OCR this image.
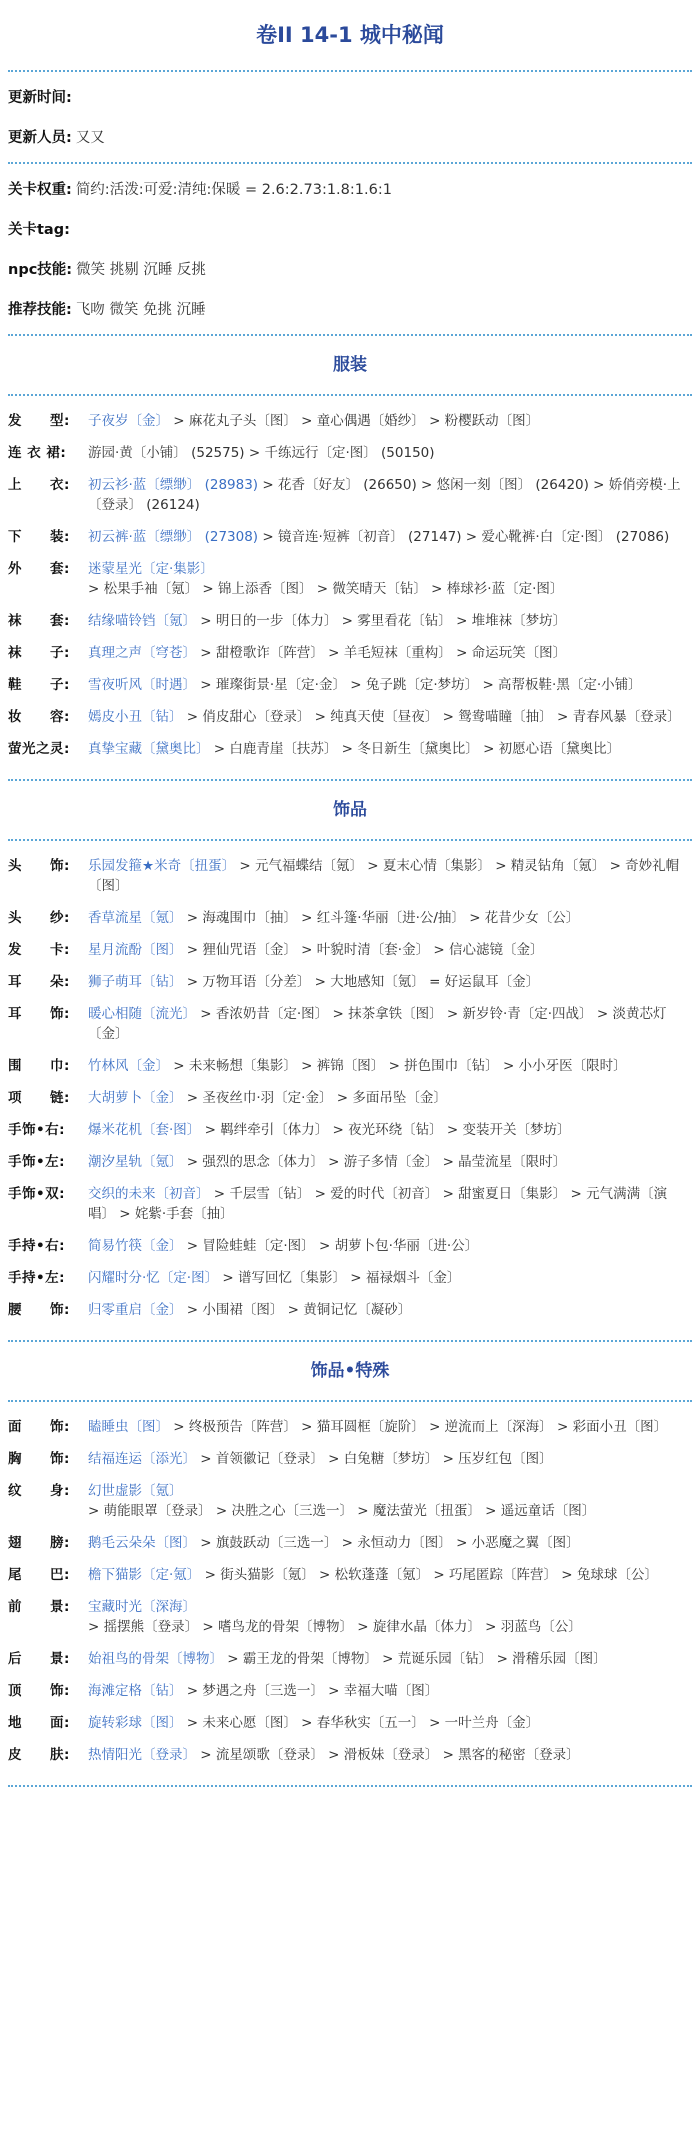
卷II 14-1 城中秘闻
更新时间:
更新人员: 又又
关卡权重: 简约:活泼:可爱:清纯:保暖 = 2.6:2.73:1.8:1.6:1
关卡tag:
npc技能: 微笑 挑剔 沉睡 反挑
推荐技能: 飞吻 微笑 免挑 沉睡
服装
发　　型:	子夜岁〔金〕 > 麻花丸子头〔图〕 > 童心偶遇〔婚纱〕 > 粉樱跃动〔图〕
连 衣 裙:	游园·黄〔小铺〕 (52575) > 千练远行〔定·图〕 (50150)
上　　衣:	初云衫·蓝〔缥缈〕 (28983) > 花香〔好友〕 (26650) > 悠闲一刻〔图〕 (26420) > 娇俏旁模·上〔登录〕 (26124)
下　　装:	初云裤·蓝〔缥缈〕 (27308) > 镜音连·短裤〔初音〕 (27147) > 爱心靴裤·白〔定·图〕 (27086)
外　　套:	迷蒙星光〔定·集影〕 > 松果手袖〔氪〕 > 锦上添香〔图〕 > 微笑晴天〔钻〕 > 棒球衫·蓝〔定·图〕
袜　　套:	结缘喵铃铛〔氪〕 > 明日的一步〔体力〕 > 雾里看花〔钻〕 > 堆堆袜〔梦坊〕
袜　　子:	真理之声〔穹苍〕 > 甜橙歌诈〔阵营〕 > 羊毛短袜〔重构〕 > 命运玩笑〔图〕
鞋　　子:	雪夜听风〔时遇〕 > 璀璨街景·星〔定·金〕 > 兔子跳〔定·梦坊〕 > 高帮板鞋·黑〔定·小铺〕
妆　　容:	嫣皮小丑〔钻〕 > 俏皮甜心〔登录〕 > 纯真天使〔昼夜〕 > 鸳鸯喵瞳〔抽〕 > 青春风暴〔登录〕
萤光之灵:	真挚宝藏〔黛奥比〕 > 白鹿青崖〔扶苏〕 > 冬日新生〔黛奥比〕 > 初愿心语〔黛奥比〕
饰品
头　　饰:	乐园发箍★米奇〔扭蛋〕 > 元气福蝶结〔氪〕 > 夏末心情〔集影〕 > 精灵钻角〔氪〕 > 奇妙礼帽〔图〕
头　　纱:	香草流星〔氪〕 > 海魂围巾〔抽〕 > 红斗篷·华丽〔进·公/抽〕 > 花昔少女〔公〕
发　　卡:	星月流酚〔图〕 > 狸仙咒语〔金〕 > 叶貌时清〔套·金〕 > 信心滤镜〔金〕
耳　　朵:	狮子萌耳〔钻〕 > 万物耳语〔分差〕 > 大地感知〔氪〕 = 好运鼠耳〔金〕
耳　　饰:	暖心相随〔流光〕 > 香浓奶昔〔定·图〕 > 抹茶拿铁〔图〕 > 新岁铃·青〔定·四战〕 > 淡黄芯灯〔金〕
围　　巾:	竹林风〔金〕 > 未来畅想〔集影〕 > 裤锦〔图〕 > 拼色围巾〔钻〕 > 小小牙医〔限时〕
项　　链:	大胡萝卜〔金〕 > 圣夜丝巾·羽〔定·金〕 > 多面吊坠〔金〕
手饰•右:	爆米花机〔套·图〕 > 羁绊牵引〔体力〕 > 夜光环绕〔钻〕 > 变装开关〔梦坊〕
手饰•左:	潮汐星轨〔氪〕 > 强烈的思念〔体力〕 > 游子多情〔金〕 > 晶莹流星〔限时〕
手饰•双:	交织的未来〔初音〕 > 千层雪〔钻〕 > 爱的时代〔初音〕 > 甜蜜夏日〔集影〕 > 元气满满〔演唱〕 > 姹紫·手套〔抽〕
手持•右:	简易竹筷〔金〕 > 冒险蛙蛙〔定·图〕 > 胡萝卜包·华丽〔进·公〕
手持•左:	闪耀时分·忆〔定·图〕 > 谱写回忆〔集影〕 > 福禄烟斗〔金〕
腰　　饰:	归零重启〔金〕 > 小围裙〔图〕 > 黄铜记忆〔凝砂〕
饰品•特殊
面　　饰:	瞌睡虫〔图〕 > 终极预告〔阵营〕 > 猫耳圆框〔旋阶〕 > 逆流而上〔深海〕 > 彩面小丑〔图〕
胸　　饰:	结福连运〔添光〕 > 首领徽记〔登录〕 > 白兔糖〔梦坊〕 > 压岁红包〔图〕
纹　　身:	幻世虚影〔氪〕 > 萌能眼罩〔登录〕 > 决胜之心〔三选一〕 > 魔法萤光〔扭蛋〕 > 遥远童话〔图〕
翅　　膀:	鹅毛云朵朵〔图〕 > 旗鼓跃动〔三选一〕 > 永恒动力〔图〕 > 小恶魔之翼〔图〕
尾　　巴:	檐下猫影〔定·氪〕 > 街头猫影〔氪〕 > 松软蓬蓬〔氪〕 > 巧尾匿踪〔阵营〕 > 兔球球〔公〕
前　　景:	宝藏时光〔深海〕 > 摇摆熊〔登录〕 > 嗜鸟龙的骨架〔博物〕 > 旋律水晶〔体力〕 > 羽蓝鸟〔公〕
后　　景:	始祖鸟的骨架〔博物〕 > 霸王龙的骨架〔博物〕 > 荒诞乐园〔钻〕 > 滑稽乐园〔图〕
顶　　饰:	海滩定格〔钻〕 > 梦遇之舟〔三选一〕 > 幸福大喵〔图〕
地　　面:	旋转彩球〔图〕 > 未来心愿〔图〕 > 春华秋实〔五一〕 > 一叶兰舟〔金〕
皮　　肤:	热情阳光〔登录〕 > 流星颂歌〔登录〕 > 滑板妹〔登录〕 > 黑客的秘密〔登录〕
